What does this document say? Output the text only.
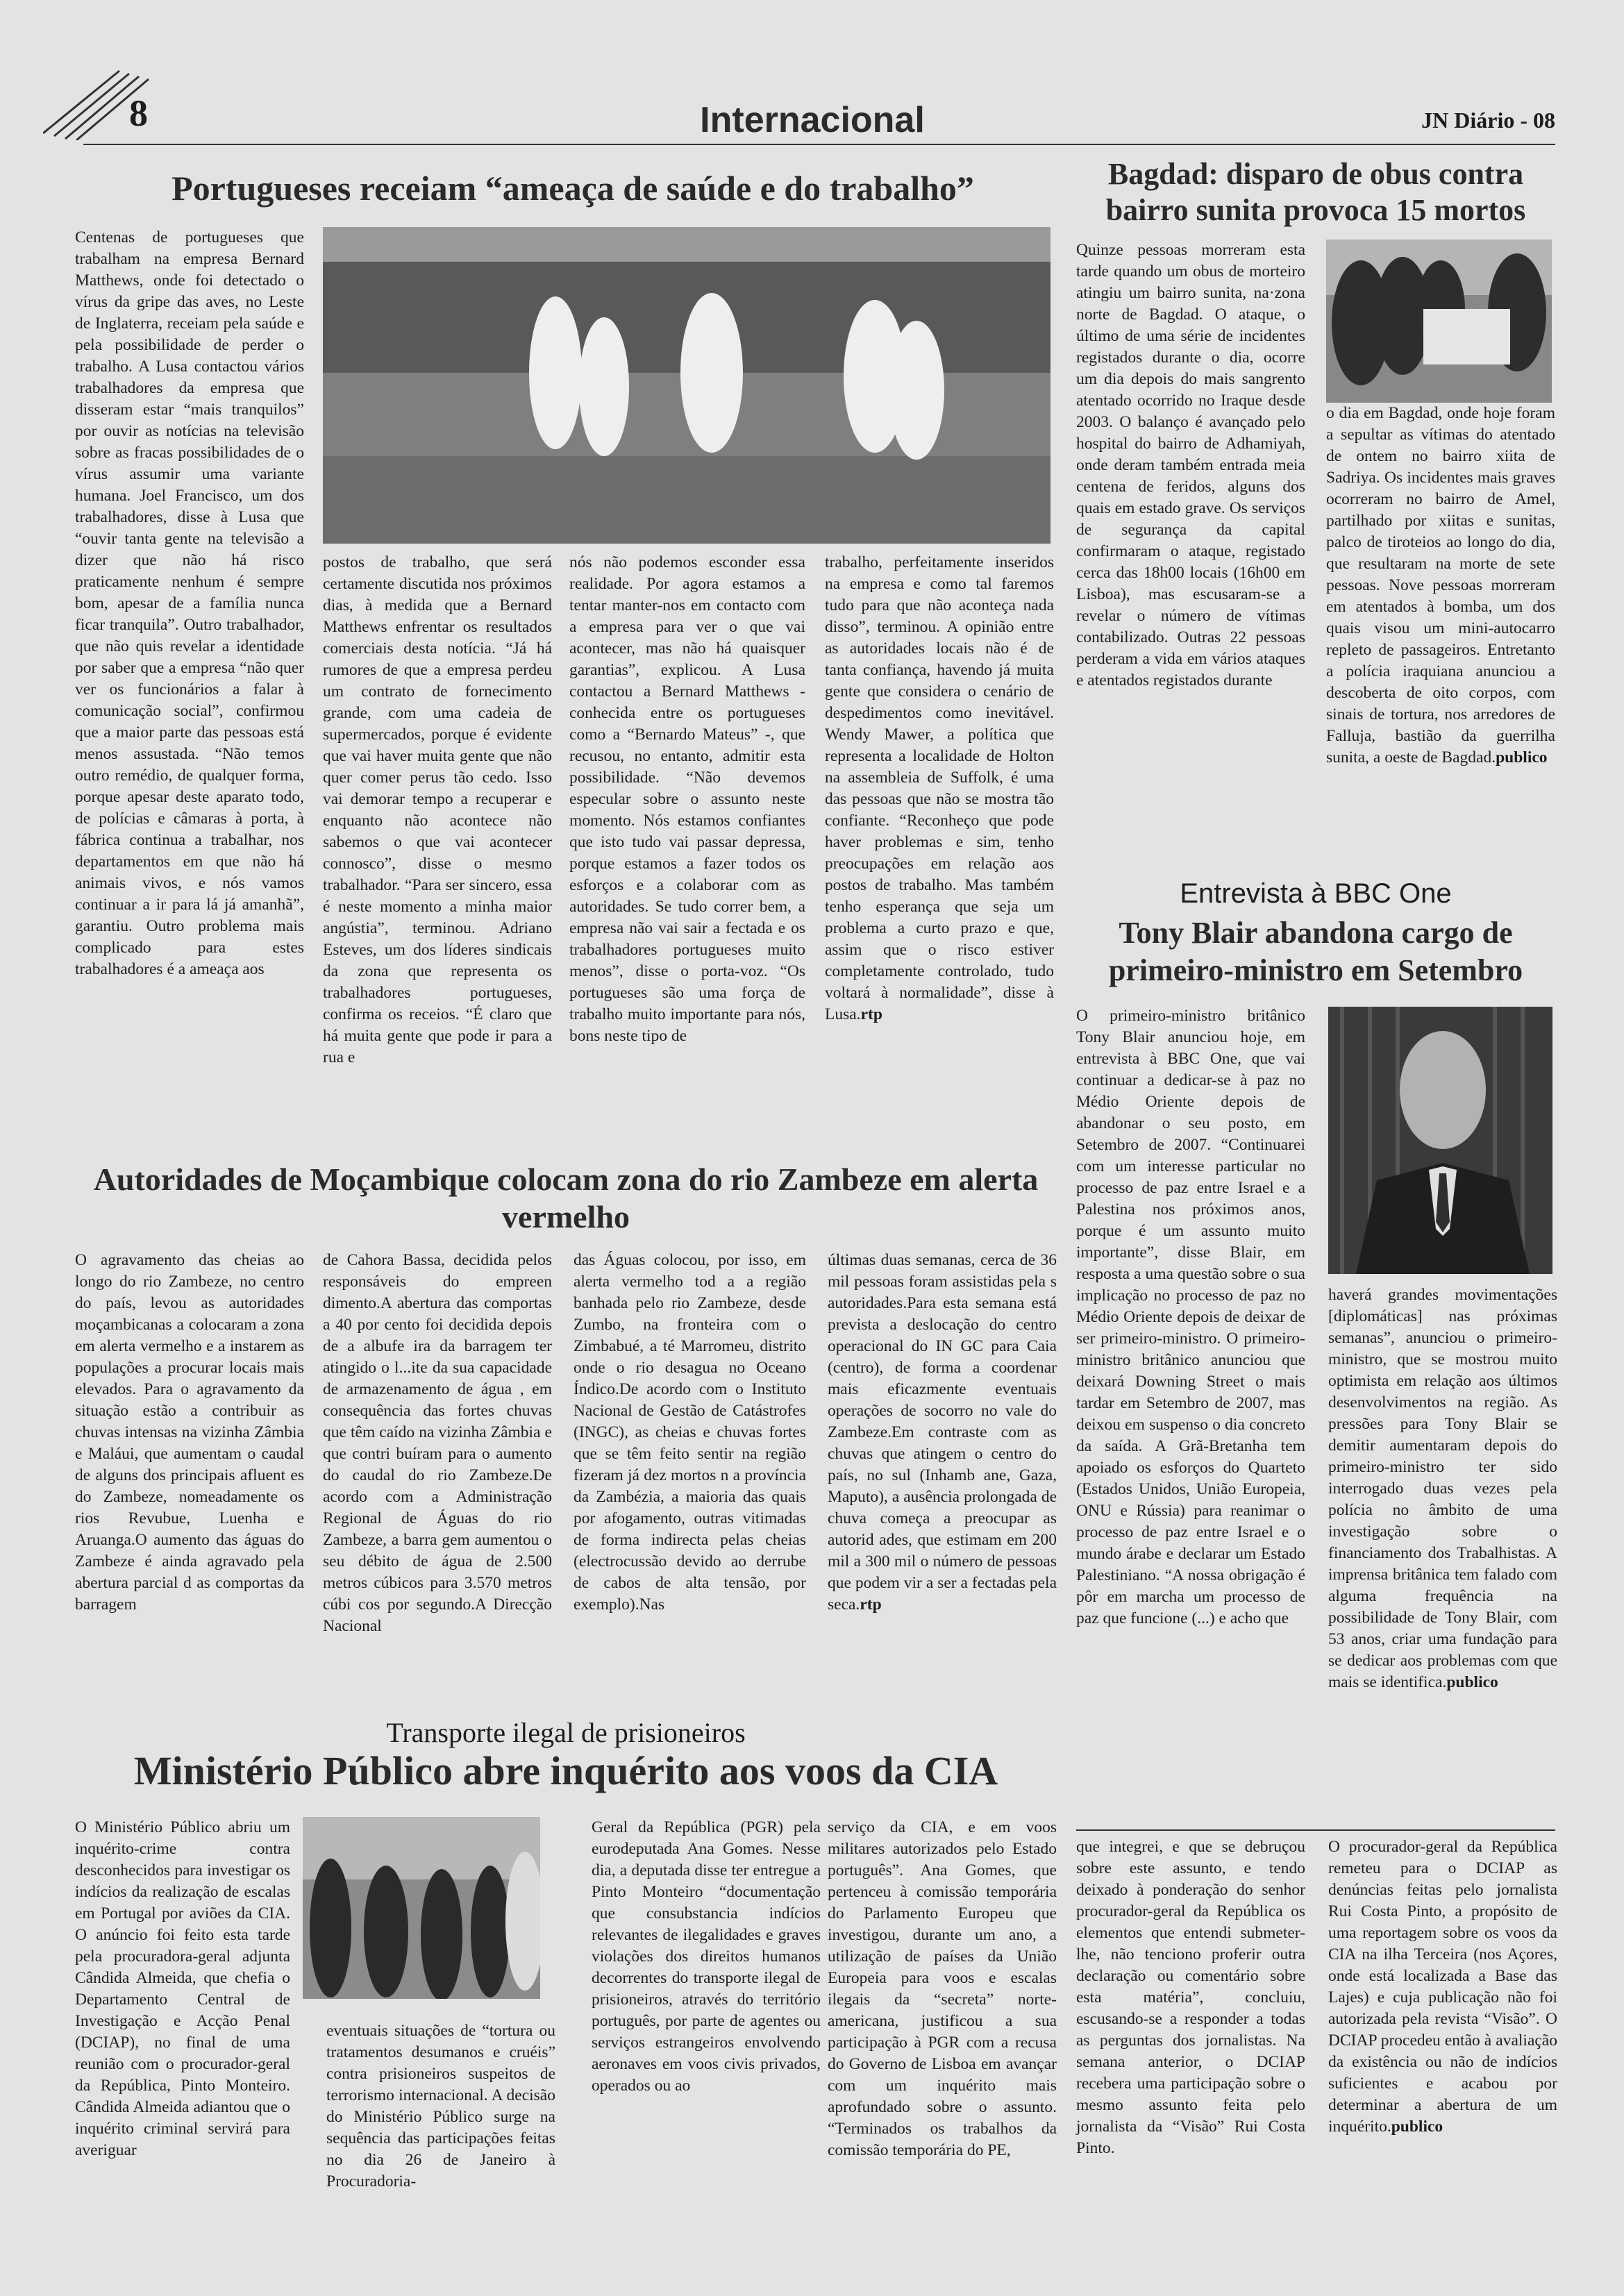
8	Internacional	JN Diário - 08
Portugueses receiam “ameaça de saúde e do trabalho”
Centenas de portugueses que trabalham na empresa Bernard Matthews, onde foi detectado o vírus da gripe das aves, no Leste de Inglaterra, receiam pela saúde e pela possibilidade de perder o trabalho. A Lusa contactou vários trabalhadores da empresa que disseram estar “mais tranquilos” por ouvir as notícias na televisão sobre as fracas possibilidades de o vírus assumir uma variante humana. Joel Francisco, um dos trabalhadores, disse à Lusa que “ouvir tanta gente na televisão a dizer que não há risco praticamente nenhum é sempre bom, apesar de a família nunca ficar tranquila”. Outro trabalhador, que não quis revelar a identidade por saber que a empresa “não quer ver os funcionários a falar à comunicação social”, confirmou que a maior parte das pessoas está menos assustada. “Não temos outro remédio, de qualquer forma, porque apesar deste aparato todo, de polícias e câmaras à porta, à fábrica continua a trabalhar, nos departamentos em que não há animais vivos, e nós vamos continuar a ir para lá já amanhã”, garantiu. Outro problema mais complicado para estes trabalhadores é a ameaça aos
postos de trabalho, que será certamente discutida nos próximos dias, à medida que a Bernard Matthews enfrentar os resultados comerciais desta notícia. “Já há rumores de que a empresa perdeu um contrato de fornecimento grande, com uma cadeia de supermercados, porque é evidente que vai haver muita gente que não quer comer perus tão cedo. Isso vai demorar tempo a recuperar e enquanto não acontece não sabemos o que vai acontecer connosco”, disse o mesmo trabalhador. “Para ser sincero, essa é neste momento a minha maior angústia”, terminou. Adriano Esteves, um dos líderes sindicais da zona que representa os trabalhadores portugueses, confirma os receios. “É claro que há muita gente que pode ir para a rua e
nós não podemos esconder essa realidade. Por agora estamos a tentar manter-nos em contacto com a empresa para ver o que vai acontecer, mas não há quaisquer garantias”, explicou. A Lusa contactou a Bernard Matthews - conhecida entre os portugueses como a “Bernardo Mateus” -, que recusou, no entanto, admitir esta possibilidade. “Não devemos especular sobre o assunto neste momento. Nós estamos confiantes que isto tudo vai passar depressa, porque estamos a fazer todos os esforços e a colaborar com as autoridades. Se tudo correr bem, a empresa não vai sair a fectada e os trabalhadores portugueses muito menos”, disse o porta-voz. “Os portugueses são uma força de trabalho muito importante para nós, bons neste tipo de
trabalho, perfeitamente inseridos na empresa e como tal faremos tudo para que não aconteça nada disso”, terminou. A opinião entre as autoridades locais não é de tanta confiança, havendo já muita gente que considera o cenário de despedimentos como inevitável. Wendy Mawer, a política que representa a localidade de Holton na assembleia de Suffolk, é uma das pessoas que não se mostra tão confiante. “Reconheço que pode haver problemas e sim, tenho preocupações em relação aos postos de trabalho. Mas também tenho esperança que seja um problema a curto prazo e que, assim que o risco estiver completamente controlado, tudo voltará à normalidade”, disse à Lusa.rtp
Bagdad: disparo de obus contra bairro sunita provoca 15 mortos
Quinze pessoas morreram esta tarde quando um obus de morteiro atingiu um bairro sunita, na·zona norte de Bagdad. O ataque, o último de uma série de incidentes registados durante o dia, ocorre um dia depois do mais sangrento atentado ocorrido no Iraque desde 2003. O balanço é avançado pelo hospital do bairro de Adhamiyah, onde deram também entrada meia centena de feridos, alguns dos quais em estado grave. Os serviços de segurança da capital confirmaram o ataque, registado cerca das 18h00 locais (16h00 em Lisboa), mas escusaram-se a revelar o número de vítimas contabilizado. Outras 22 pessoas perderam a vida em vários ataques e atentados registados durante
o dia em Bagdad, onde hoje foram a sepultar as vítimas do atentado de ontem no bairro xiita de Sadriya. Os incidentes mais graves ocorreram no bairro de Amel, partilhado por xiitas e sunitas, palco de tiroteios ao longo do dia, que resultaram na morte de sete pessoas. Nove pessoas morreram em atentados à bomba, um dos quais visou um mini-autocarro repleto de passageiros. Entretanto a polícia iraquiana anunciou a descoberta de oito corpos, com sinais de tortura, nos arredores de Falluja, bastião da guerrilha sunita, a oeste de Bagdad.publico
Entrevista à BBC One
Tony Blair abandona cargo de primeiro-ministro em Setembro
O primeiro-ministro britânico Tony Blair anunciou hoje, em entrevista à BBC One, que vai continuar a dedicar-se à paz no Médio Oriente depois de abandonar o seu posto, em Setembro de 2007. “Continuarei com um interesse particular no processo de paz entre Israel e a Palestina nos próximos anos, porque é um assunto muito importante”, disse Blair, em resposta a uma questão sobre o sua implicação no processo de paz no Médio Oriente depois de deixar de ser primeiro-ministro. O primeiro-ministro britânico anunciou que deixará Downing Street o mais tardar em Setembro de 2007, mas deixou em suspenso o dia concreto da saída. A Grã-Bretanha tem apoiado os esforços do Quarteto (Estados Unidos, União Europeia, ONU e Rússia) para reanimar o processo de paz entre Israel e o mundo árabe e declarar um Estado Palestiniano. “A nossa obrigação é pôr em marcha um processo de paz que funcione (...) e acho que
haverá grandes movimentações [diplomáticas] nas próximas semanas”, anunciou o primeiro-ministro, que se mostrou muito optimista em relação aos últimos desenvolvimentos na região. As pressões para Tony Blair se demitir aumentaram depois do primeiro-ministro ter sido interrogado duas vezes pela polícia no âmbito de uma investigação sobre o financiamento dos Trabalhistas. A imprensa britânica tem falado com alguma frequência na possibilidade de Tony Blair, com 53 anos, criar uma fundação para se dedicar aos problemas com que mais se identifica.publico
Autoridades de Moçambique colocam zona do rio Zambeze em alerta vermelho
O agravamento das cheias ao longo do rio Zambeze, no centro do país, levou as autoridades moçambicanas a colocaram a zona em alerta vermelho e a instarem as populações a procurar locais mais elevados. Para o agravamento da situação estão a contribuir as chuvas intensas na vizinha Zâmbia e Maláui, que aumentam o caudal de alguns dos principais afluent es do Zambeze, nomeadamente os rios Revubue, Luenha e Aruanga.O aumento das águas do Zambeze é ainda agravado pela abertura parcial d as comportas da barragem
de Cahora Bassa, decidida pelos responsáveis do empreen dimento.A abertura das comportas a 40 por cento foi decidida depois de a albufe ira da barragem ter atingido o l...ite da sua capacidade de armazenamento de água , em consequência das fortes chuvas que têm caído na vizinha Zâmbia e que contri buíram para o aumento do caudal do rio Zambeze.De acordo com a Administração Regional de Águas do rio Zambeze, a barra gem aumentou o seu débito de água de 2.500 metros cúbicos para 3.570 metros cúbi cos por segundo.A Direcção Nacional
das Águas colocou, por isso, em alerta vermelho tod a a região banhada pelo rio Zambeze, desde Zumbo, na fronteira com o Zimbabué, a té Marromeu, distrito onde o rio desagua no Oceano Índico.De acordo com o Instituto Nacional de Gestão de Catástrofes (INGC), as cheias e chuvas fortes que se têm feito sentir na região fizeram já dez mortos n a província da Zambézia, a maioria das quais por afogamento, outras vitimadas de forma indirecta pelas cheias (electrocussão devido ao derrube de cabos de alta tensão, por exemplo).Nas
últimas duas semanas, cerca de 36 mil pessoas foram assistidas pela s autoridades.Para esta semana está prevista a deslocação do centro operacional do IN GC para Caia (centro), de forma a coordenar mais eficazmente eventuais operações de socorro no vale do Zambeze.Em contraste com as chuvas que atingem o centro do país, no sul (Inhamb ane, Gaza, Maputo), a ausência prolongada de chuva começa a preocupar as autorid ades, que estimam em 200 mil a 300 mil o número de pessoas que podem vir a ser a fectadas pela seca.rtp
Transporte ilegal de prisioneiros
Ministério Público abre inquérito aos voos da CIA
O Ministério Público abriu um inquérito-crime contra desconhecidos para investigar os indícios da realização de escalas em Portugal por aviões da CIA. O anúncio foi feito esta tarde pela procuradora-geral adjunta Cândida Almeida, que chefia o Departamento Central de Investigação e Acção Penal (DCIAP), no final de uma reunião com o procurador-geral da República, Pinto Monteiro. Cândida Almeida adiantou que o inquérito criminal servirá para averiguar
eventuais situações de “tortura ou tratamentos desumanos e cruéis” contra prisioneiros suspeitos de terrorismo internacional. A decisão do Ministério Público surge na sequência das participações feitas no dia 26 de Janeiro à Procuradoria-
Geral da República (PGR) pela eurodeputada Ana Gomes. Nesse dia, a deputada disse ter entregue a Pinto Monteiro “documentação que consubstancia indícios relevantes de ilegalidades e graves violações dos direitos humanos decorrentes do transporte ilegal de prisioneiros, através do território português, por parte de agentes ou serviços estrangeiros envolvendo aeronaves em voos civis privados, operados ou ao
serviço da CIA, e em voos militares autorizados pelo Estado português”. Ana Gomes, que pertenceu à comissão temporária do Parlamento Europeu que investigou, durante um ano, a utilização de países da União Europeia para voos e escalas ilegais da “secreta” norte-americana, justificou a sua participação à PGR com a recusa do Governo de Lisboa em avançar com um inquérito mais aprofundado sobre o assunto. “Terminados os trabalhos da comissão temporária do PE,
que integrei, e que se debruçou sobre este assunto, e tendo deixado à ponderação do senhor procurador-geral da República os elementos que entendi submeter-lhe, não tenciono proferir outra declaração ou comentário sobre esta matéria”, concluiu, escusando-se a responder a todas as perguntas dos jornalistas. Na semana anterior, o DCIAP recebera uma participação sobre o mesmo assunto feita pelo jornalista da “Visão” Rui Costa Pinto.
O procurador-geral da República remeteu para o DCIAP as denúncias feitas pelo jornalista Rui Costa Pinto, a propósito de uma reportagem sobre os voos da CIA na ilha Terceira (nos Açores, onde está localizada a Base das Lajes) e cuja publicação não foi autorizada pela revista “Visão”. O DCIAP procedeu então à avaliação da existência ou não de indícios suficientes e acabou por determinar a abertura de um inquérito.publico
